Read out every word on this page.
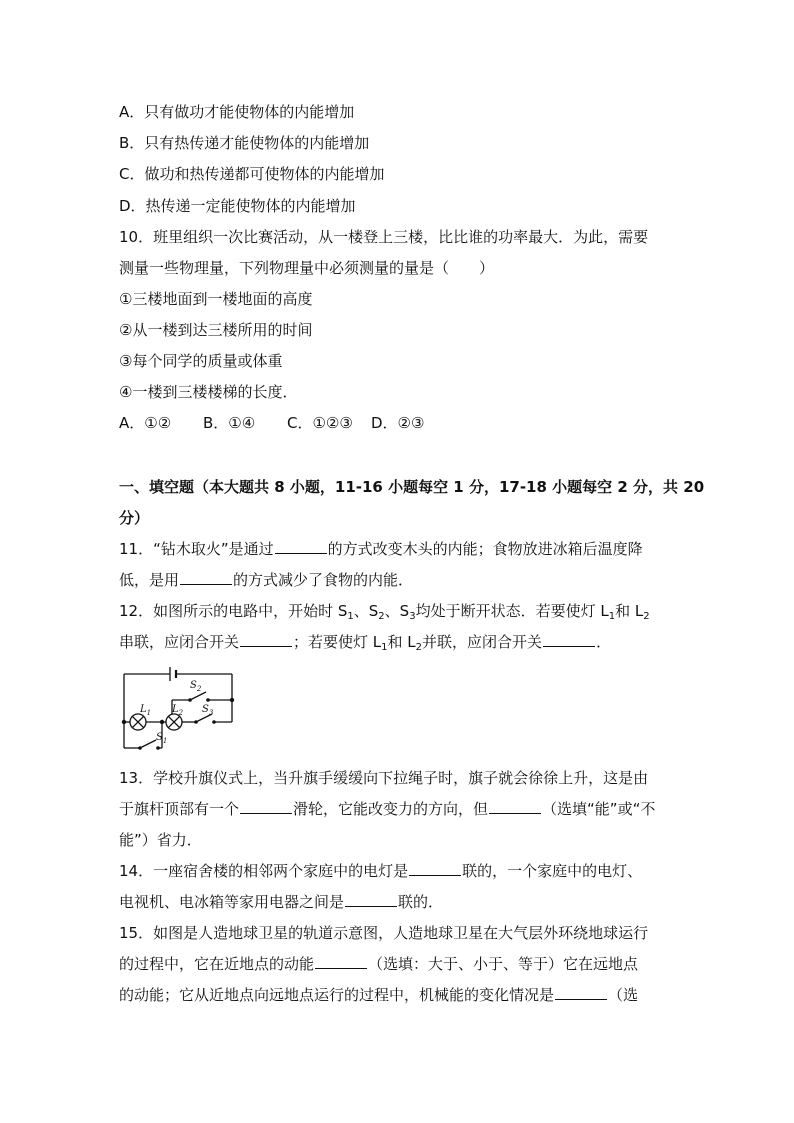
A．只有做功才能使物体的内能增加
B．只有热传递才能使物体的内能增加
C．做功和热传递都可使物体的内能增加
D．热传递一定能使物体的内能增加
10．班里组织一次比赛活动，从一楼登上三楼，比比谁的功率最大．为此，需要
测量一些物理量，下列物理量中必须测量的量是（　　）
①三楼地面到一楼地面的高度
②从一楼到达三楼所用的时间
③每个同学的质量或体重
④一楼到三楼楼梯的长度．
A．①② B．①④ C．①②③ D．②③
一、填空题（本大题共 8 小题，11-16 小题每空 1 分，17-18 小题每空 2 分，共 20
分）
11．“钻木取火”是通过	的方式改变木头的内能；食物放进冰箱后温度降
低，是用	的方式减少了食物的内能．
12．如图所示的电路中，开始时 $S_1$、$S_2$、$S_3$均处于断开状态．若要使灯 $L_1$和 $L_2$
串联，应闭合开关	；若要使灯 $L_1$和 $L_2$并联，应闭合开关	．
$S_2$
$S_3$
$S_1$
$L_1$ $L_2$
13．学校升旗仪式上，当升旗手缓缓向下拉绳子时，旗子就会徐徐上升，这是由
于旗杆顶部有一个	滑轮，它能改变力的方向，但	（选填“能”或“不
能”）省力．
14．一座宿舍楼的相邻两个家庭中的电灯是	联的，一个家庭中的电灯、
电视机、电冰箱等家用电器之间是	联的．
15．如图是人造地球卫星的轨道示意图，人造地球卫星在大气层外环绕地球运行
的过程中，它在近地点的动能	（选填：大于、小于、等于）它在远地点
的动能；它从近地点向远地点运行的过程中，机械能的变化情况是	（选
